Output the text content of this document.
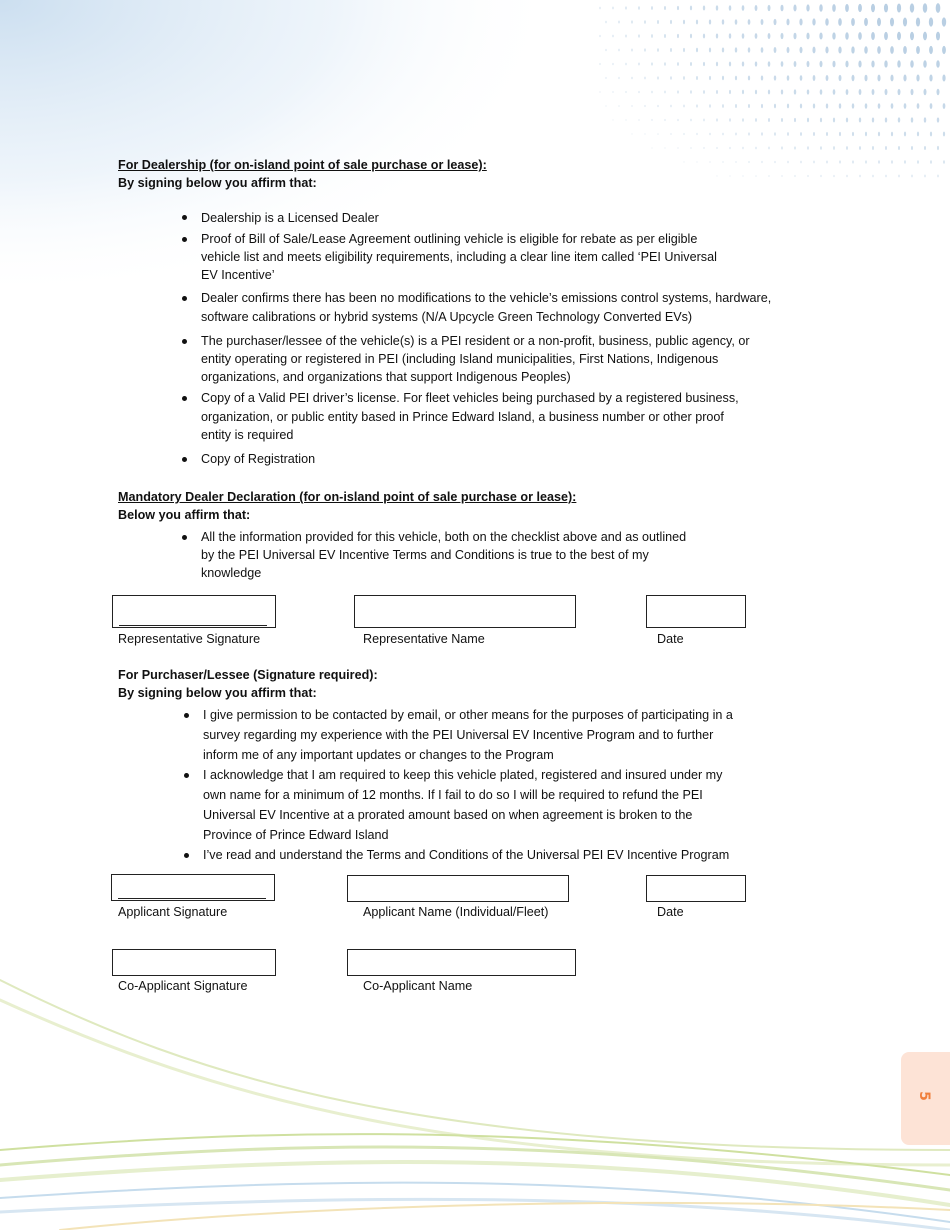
For Dealership (for on-island point of sale purchase or lease):
By signing below you affirm that:
Dealership is a Licensed Dealer
Proof of Bill of Sale/Lease Agreement outlining vehicle is eligible for rebate as per eligible
vehicle list and meets eligibility requirements, including a clear line item called ‘PEI Universal
EV Incentive’
Dealer confirms there has been no modifications to the vehicle’s emissions control systems, hardware,
software calibrations or hybrid systems (N/A Upcycle Green Technology Converted EVs)
The purchaser/lessee of the vehicle(s) is a PEI resident or a non-profit, business, public agency, or
entity operating or registered in PEI (including Island municipalities, First Nations, Indigenous
organizations, and organizations that support Indigenous Peoples)
Copy of a Valid PEI driver’s license. For fleet vehicles being purchased by a registered business,
organization, or public entity based in Prince Edward Island, a business number or other proof
entity is required
Copy of Registration
Mandatory Dealer Declaration (for on-island point of sale purchase or lease):
Below you affirm that:
All the information provided for this vehicle, both on the checklist above and as outlined
by the PEI Universal EV Incentive Terms and Conditions is true to the best of my
knowledge
Representative Signature	Representative Name	Date
For Purchaser/Lessee (Signature required):
By signing below you affirm that:
I give permission to be contacted by email, or other means for the purposes of participating in a
survey regarding my experience with the PEI Universal EV Incentive Program and to further
inform me of any important updates or changes to the Program
I acknowledge that I am required to keep this vehicle plated, registered and insured under my
own name for a minimum of 12 months. If I fail to do so I will be required to refund the PEI
Universal EV Incentive at a prorated amount based on when agreement is broken to the
Province of Prince Edward Island
I’ve read and understand the Terms and Conditions of the Universal PEI EV Incentive Program
Applicant Signature	Applicant Name (Individual/Fleet)	Date
Co-Applicant Signature	Co-Applicant Name
5
